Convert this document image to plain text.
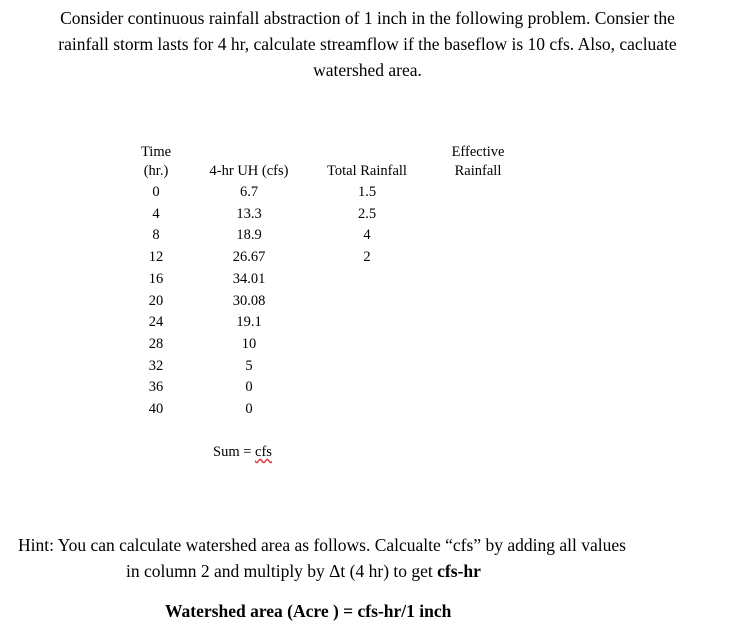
Consider continuous rainfall abstraction of 1 inch in the following problem. Consier the
rainfall storm lasts for 4 hr, calculate streamflow if the baseflow is 10 cfs. Also, cacluate
watershed area.
Time
(hr.)	4-hr UH (cfs)	Total Rainfall
Effective
Rainfall
0
4
8
12
16
20
24
28
32
36
40
6.7
13.3
18.9
26.67
34.01
30.08
19.1
10
5
0
0
1.5
2.5
4
2
Sum = cfs
Hint: You can calculate watershed area as follows. Calcualte “cfs” by adding all values
in column 2 and multiply by Δt (4 hr) to get cfs-hr
Watershed area (Acre ) = cfs-hr/1 inch
